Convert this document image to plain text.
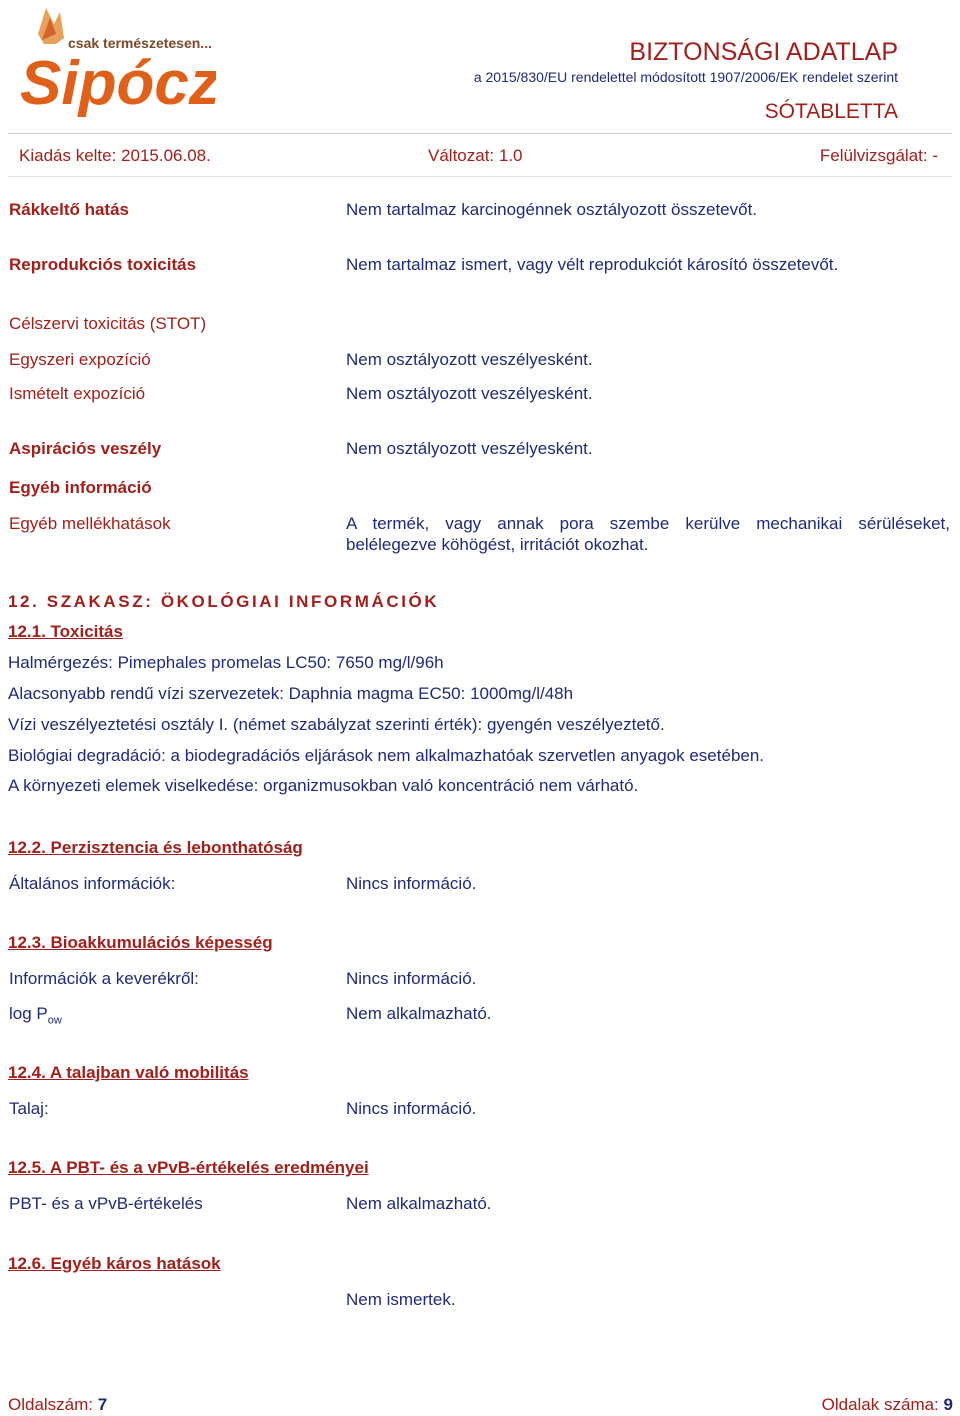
csak természetesen...
Sipócz	BIZTONSÁGI ADATLAP
a 2015/830/EU rendelettel módosított 1907/2006/EK rendelet szerint
SÓTABLETTA
Kiadás kelte: 2015.06.08.	Változat: 1.0	Felülvizsgálat: -
Rákkeltő hatás	Nem tartalmaz karcinogénnek osztályozott összetevőt.
Reprodukciós toxicitás	Nem tartalmaz ismert, vagy vélt reprodukciót károsító összetevőt.
Célszervi toxicitás (STOT)
Egyszeri expozíció	Nem osztályozott veszélyesként.
Ismételt expozíció	Nem osztályozott veszélyesként.
Aspirációs veszély	Nem osztályozott veszélyesként.
Egyéb információ
Egyéb mellékhatások	A termék, vagy annak pora szembe kerülve mechanikai sérüléseket, belélegezve köhögést, irritációt okozhat.
12. SZAKASZ: ÖKOLÓGIAI INFORMÁCIÓK
12.1. Toxicitás
Halmérgezés: Pimephales promelas LC50: 7650 mg/l/96h
Alacsonyabb rendű vízi szervezetek: Daphnia magma EC50: 1000mg/l/48h
Vízi veszélyeztetési osztály I. (német szabályzat szerinti érték): gyengén veszélyeztető.
Biológiai degradáció: a biodegradációs eljárások nem alkalmazhatóak szervetlen anyagok esetében.
A környezeti elemek viselkedése: organizmusokban való koncentráció nem várható.
12.2. Perzisztencia és lebonthatóság
Általános információk:	Nincs információ.
12.3. Bioakkumulációs képesség
Információk a keverékről:	Nincs információ.
$\log P_{ow}$	Nem alkalmazható.
12.4. A talajban való mobilitás
Talaj:	Nincs információ.
12.5. A PBT- és a vPvB-értékelés eredményei
PBT- és a vPvB-értékelés	Nem alkalmazható.
12.6. Egyéb káros hatások
Nem ismertek.
Oldalszám: 7	Oldalak száma: 9
